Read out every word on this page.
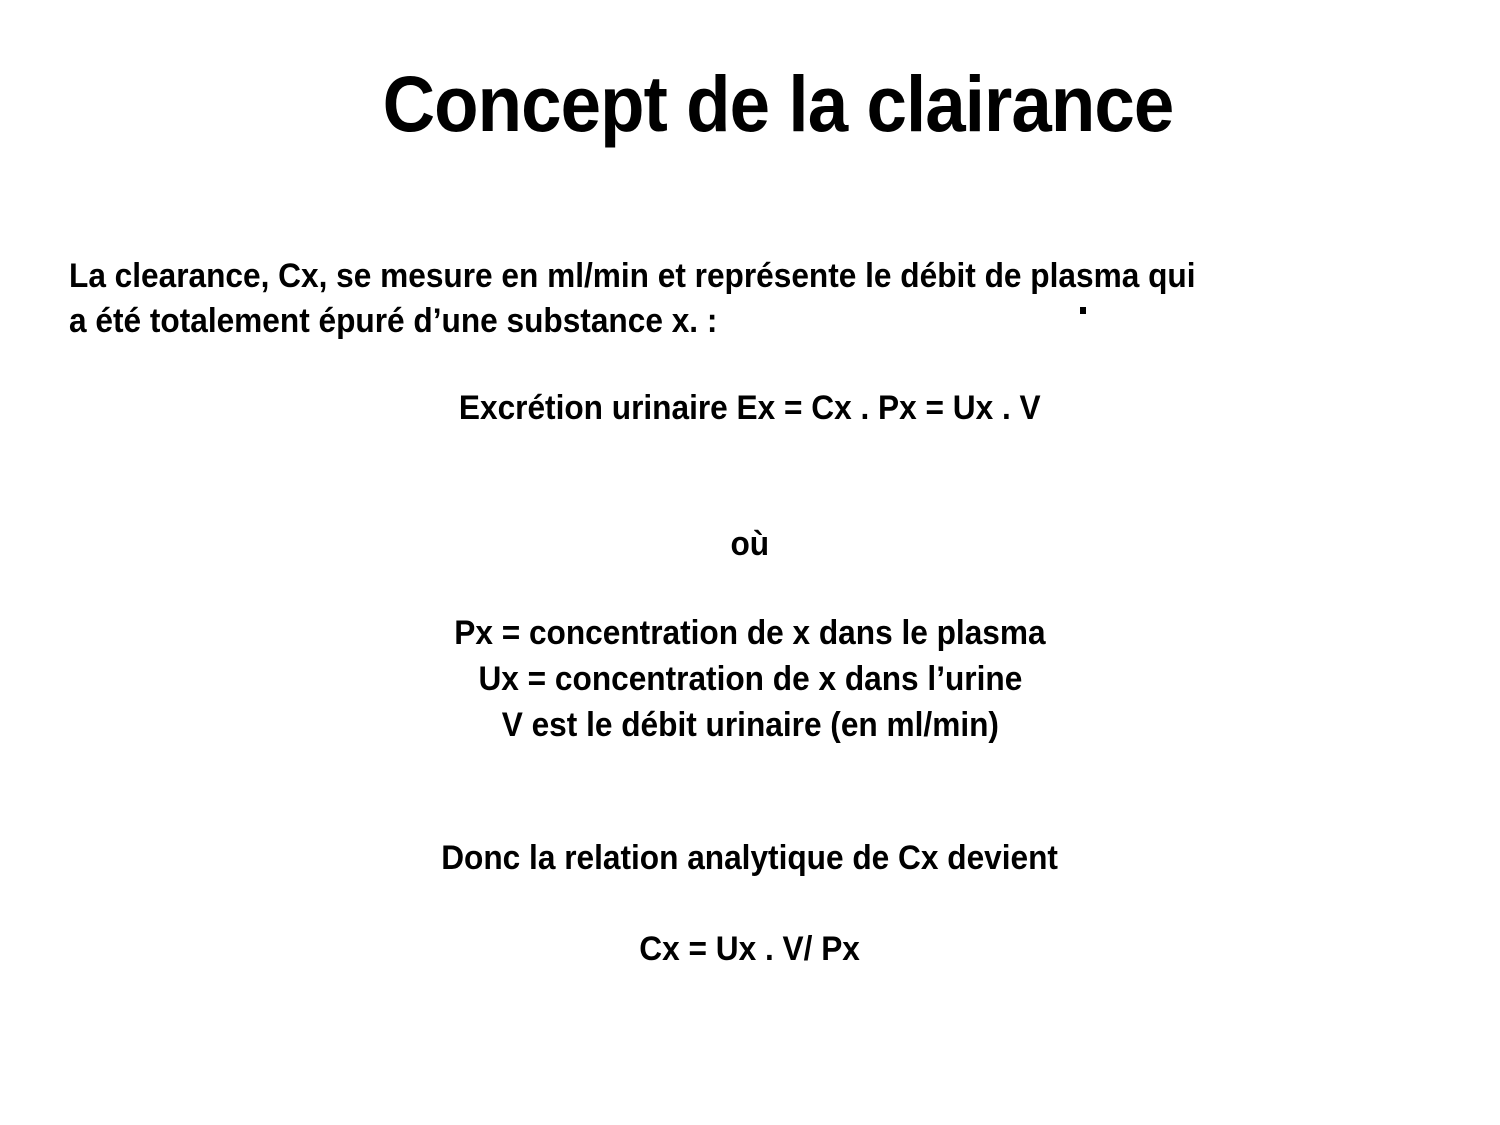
Concept de la clairance
La clearance, Cx, se mesure en ml/min et représente le débit de plasma qui
a été totalement épuré d’une substance x. :
Excrétion urinaire Ex = Cx . Px = Ux . V
où
Px = concentration de x dans le plasma
Ux = concentration de x dans l’urine
V est le débit urinaire (en ml/min)
Donc la relation analytique de Cx devient
Cx = Ux . V/ Px
